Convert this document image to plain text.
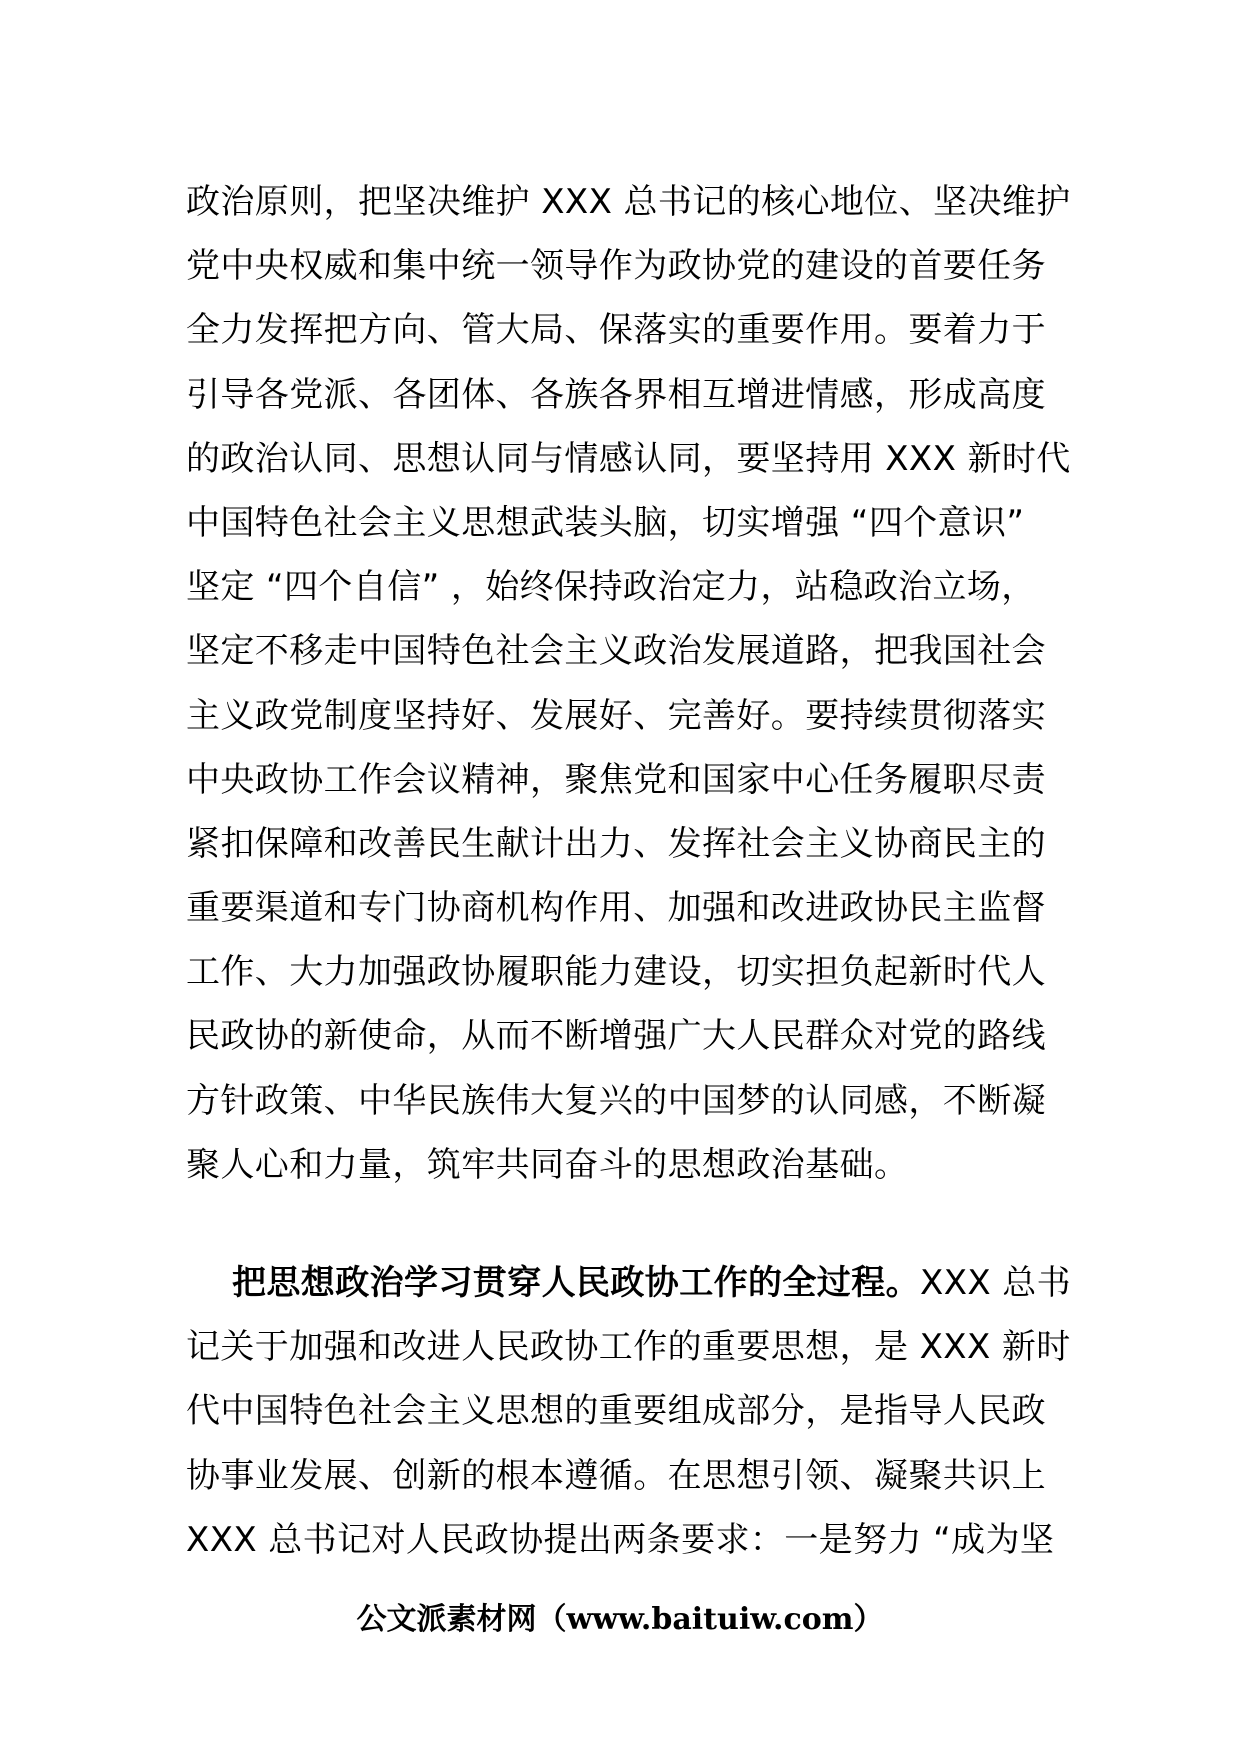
政治原则，把坚决维护 XXX 总书记的核心地位、坚决维护
党中央权威和集中统一领导作为政协党的建设的首要任务
全力发挥把方向、管大局、保落实的重要作用。要着力于
引导各党派、各团体、各族各界相互增进情感，形成高度
的政治认同、思想认同与情感认同，要坚持用 XXX 新时代
中国特色社会主义思想武装头脑，切实增强 “四个意识”
坚定 “四个自信” ，始终保持政治定力，站稳政治立场，
坚定不移走中国特色社会主义政治发展道路，把我国社会
主义政党制度坚持好、发展好、完善好。要持续贯彻落实
中央政协工作会议精神，聚焦党和国家中心任务履职尽责
紧扣保障和改善民生献计出力、发挥社会主义协商民主的
重要渠道和专门协商机构作用、加强和改进政协民主监督
工作、大力加强政协履职能力建设，切实担负起新时代人
民政协的新使命，从而不断增强广大人民群众对党的路线
方针政策、中华民族伟大复兴的中国梦的认同感，不断凝
聚人心和力量，筑牢共同奋斗的思想政治基础。
把思想政治学习贯穿人民政协工作的全过程。XXX 总书
记关于加强和改进人民政协工作的重要思想，是 XXX 新时
代中国特色社会主义思想的重要组成部分，是指导人民政
协事业发展、创新的根本遵循。在思想引领、凝聚共识上
XXX 总书记对人民政协提出两条要求：一是努力 “成为坚
公文派素材网（www.baituiw.com）
